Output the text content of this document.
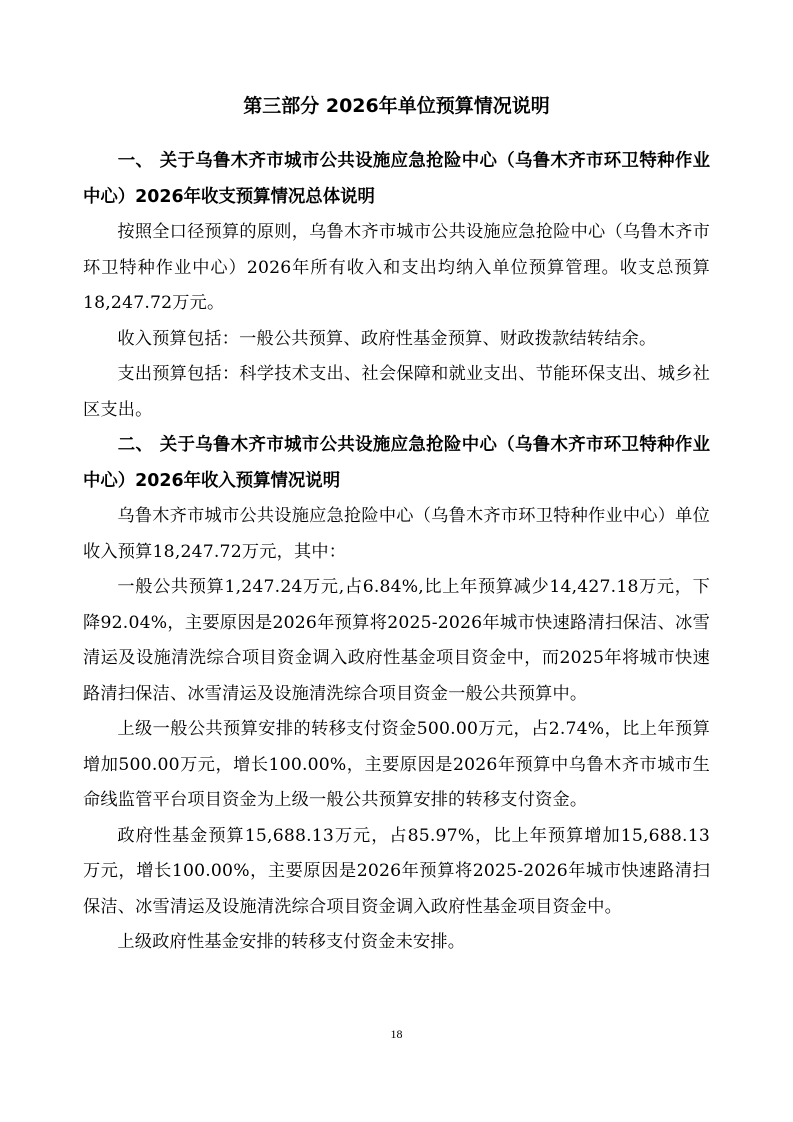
第三部分 2026年单位预算情况说明

一、 关于乌鲁木齐市城市公共设施应急抢险中心（乌鲁木齐市环卫特种作业中心）2026年收支预算情况总体说明

按照全口径预算的原则，乌鲁木齐市城市公共设施应急抢险中心（乌鲁木齐市环卫特种作业中心）2026年所有收入和支出均纳入单位预算管理。收支总预算18,247.72万元。

收入预算包括：一般公共预算、政府性基金预算、财政拨款结转结余。

支出预算包括：科学技术支出、社会保障和就业支出、节能环保支出、城乡社区支出。

二、 关于乌鲁木齐市城市公共设施应急抢险中心（乌鲁木齐市环卫特种作业中心）2026年收入预算情况说明

乌鲁木齐市城市公共设施应急抢险中心（乌鲁木齐市环卫特种作业中心）单位收入预算18,247.72万元，其中：

一般公共预算1,247.24万元,占6.84%,比上年预算减少14,427.18万元，下降92.04%，主要原因是2026年预算将2025-2026年城市快速路清扫保洁、冰雪清运及设施清洗综合项目资金调入政府性基金项目资金中，而2025年将城市快速路清扫保洁、冰雪清运及设施清洗综合项目资金一般公共预算中。

上级一般公共预算安排的转移支付资金500.00万元，占2.74%，比上年预算增加500.00万元，增长100.00%，主要原因是2026年预算中乌鲁木齐市城市生命线监管平台项目资金为上级一般公共预算安排的转移支付资金。

政府性基金预算15,688.13万元，占85.97%，比上年预算增加15,688.13万元，增长100.00%，主要原因是2026年预算将2025-2026年城市快速路清扫保洁、冰雪清运及设施清洗综合项目资金调入政府性基金项目资金中。

上级政府性基金安排的转移支付资金未安排。

18
